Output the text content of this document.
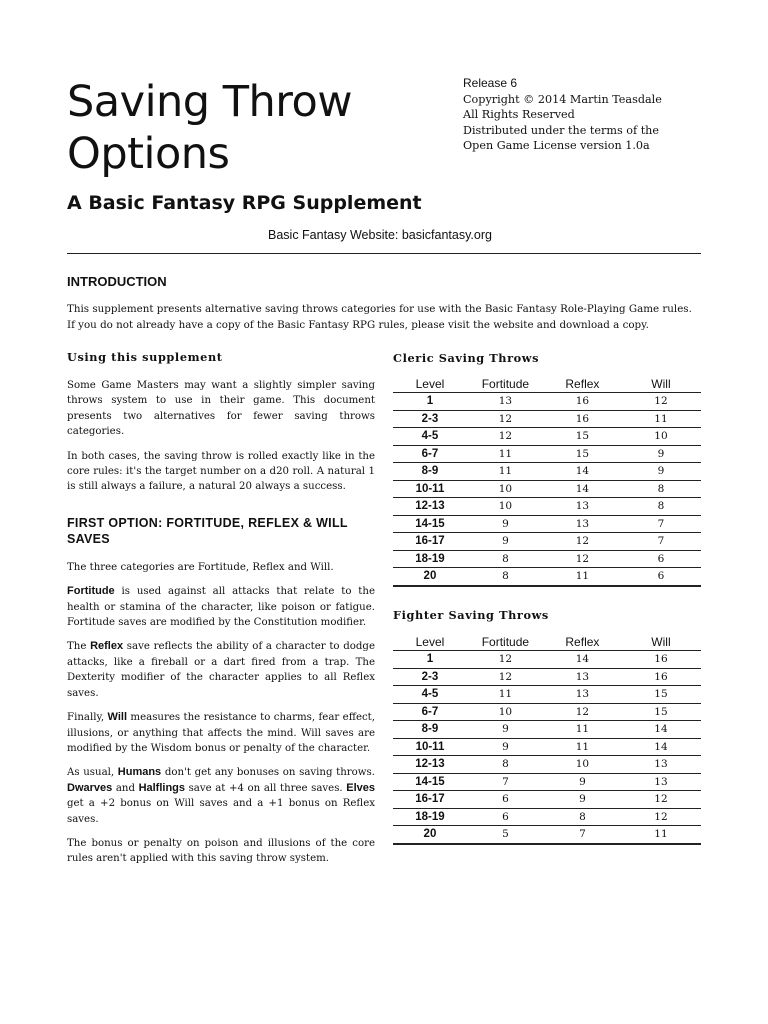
Saving Throw
Options
A Basic Fantasy RPG Supplement
Release 6
Copyright © 2014 Martin Teasdale
All Rights Reserved
Distributed under the terms of the
Open Game License version 1.0a
Basic Fantasy Website: basicfantasy.org
INTRODUCTION

This supplement presents alternative saving throws categories for use with the Basic Fantasy Role-Playing Game rules.
If you do not already have a copy of the Basic Fantasy RPG rules, please visit the website and download a copy.

Using this supplement

Some Game Masters may want a slightly simpler saving throws system to use in their game. This document presents two alternatives for fewer saving throws categories.

In both cases, the saving throw is rolled exactly like in the core rules: it's the target number on a d20 roll. A natural 1 is still always a failure, a natural 20 always a success.

FIRST OPTION: FORTITUDE, REFLEX & WILL SAVES

The three categories are Fortitude, Reflex and Will.

Fortitude is used against all attacks that relate to the health or stamina of the character, like poison or fatigue. Fortitude saves are modified by the Constitution modifier.

The Reflex save reflects the ability of a character to dodge attacks, like a fireball or a dart fired from a trap. The Dexterity modifier of the character applies to all Reflex saves.

Finally, Will measures the resistance to charms, fear effect, illusions, or anything that affects the mind. Will saves are modified by the Wisdom bonus or penalty of the character.

As usual, Humans don't get any bonuses on saving throws. Dwarves and Halflings save at +4 on all three saves. Elves get a +2 bonus on Will saves and a +1 bonus on Reflex saves.

The bonus or penalty on poison and illusions of the core rules aren't applied with this saving throw system.

Cleric Saving Throws
Level	Fortitude	Reflex	Will
1	13	16	12
2-3	12	16	11
4-5	12	15	10
6-7	11	15	9
8-9	11	14	9
10-11	10	14	8
12-13	10	13	8
14-15	9	13	7
16-17	9	12	7
18-19	8	12	6
20	8	11	6
Fighter Saving Throws
Level	Fortitude	Reflex	Will
1	12	14	16
2-3	12	13	16
4-5	11	13	15
6-7	10	12	15
8-9	9	11	14
10-11	9	11	14
12-13	8	10	13
14-15	7	9	13
16-17	6	9	12
18-19	6	8	12
20	5	7	11
